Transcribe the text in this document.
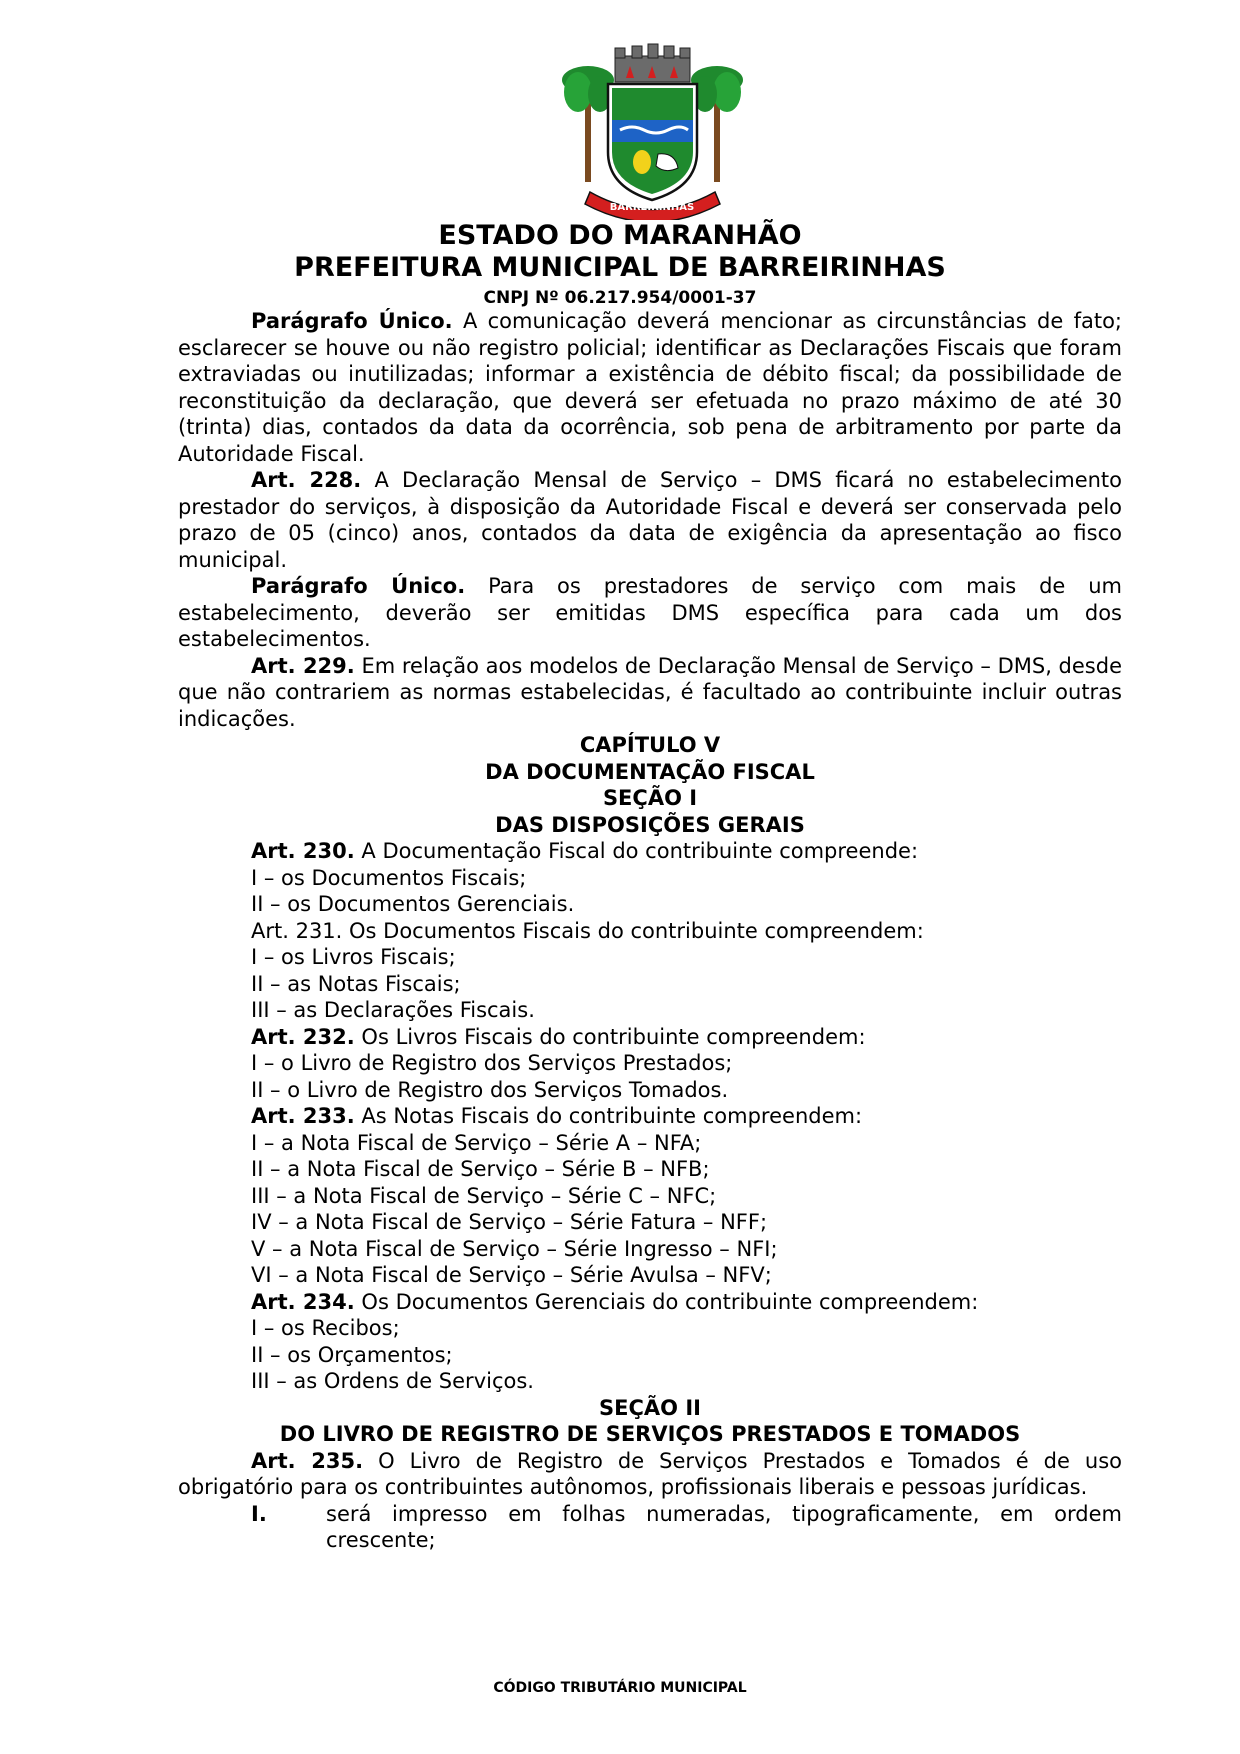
BARREIRINHAS
ESTADO DO MARANHÃO
PREFEITURA MUNICIPAL DE BARREIRINHAS
CNPJ Nº 06.217.954/0001-37

Parágrafo Único. A comunicação deverá mencionar as circunstâncias de fato; esclarecer se houve ou não registro policial; identificar as Declarações Fiscais que foram extraviadas ou inutilizadas; informar a existência de débito fiscal; da possibilidade de reconstituição da declaração, que deverá ser efetuada no prazo máximo de até 30 (trinta) dias, contados da data da ocorrência, sob pena de arbitramento por parte da Autoridade Fiscal.

Art. 228. A Declaração Mensal de Serviço – DMS ficará no estabelecimento prestador do serviços, à disposição da Autoridade Fiscal e deverá ser conservada pelo prazo de 05 (cinco) anos, contados da data de exigência da apresentação ao fisco municipal.

Parágrafo Único. Para os prestadores de serviço com mais de um estabelecimento, deverão ser emitidas DMS específica para cada um dos estabelecimentos.

Art. 229. Em relação aos modelos de Declaração Mensal de Serviço – DMS, desde que não contrariem as normas estabelecidas, é facultado ao contribuinte incluir outras indicações.

CAPÍTULO V

DA DOCUMENTAÇÃO FISCAL

SEÇÃO I

DAS DISPOSIÇÕES GERAIS

Art. 230. A Documentação Fiscal do contribuinte compreende:

I – os Documentos Fiscais;

II – os Documentos Gerenciais.

Art. 231. Os Documentos Fiscais do contribuinte compreendem:

I – os Livros Fiscais;

II – as Notas Fiscais;

III – as Declarações Fiscais.

Art. 232. Os Livros Fiscais do contribuinte compreendem:

I – o Livro de Registro dos Serviços Prestados;

II – o Livro de Registro dos Serviços Tomados.

Art. 233. As Notas Fiscais do contribuinte compreendem:

I – a Nota Fiscal de Serviço – Série A – NFA;

II – a Nota Fiscal de Serviço – Série B – NFB;

III – a Nota Fiscal de Serviço – Série C – NFC;

IV – a Nota Fiscal de Serviço – Série Fatura – NFF;

V – a Nota Fiscal de Serviço – Série Ingresso – NFI;

VI – a Nota Fiscal de Serviço – Série Avulsa – NFV;

Art. 234. Os Documentos Gerenciais do contribuinte compreendem:

I – os Recibos;

II – os Orçamentos;

III – as Ordens de Serviços.

SEÇÃO II

DO LIVRO DE REGISTRO DE SERVIÇOS PRESTADOS E TOMADOS

Art. 235. O Livro de Registro de Serviços Prestados e Tomados é de uso obrigatório para os contribuintes autônomos, profissionais liberais e pessoas jurídicas.

I.	será impresso em folhas numeradas, tipograficamente, em ordem crescente;
CÓDIGO TRIBUTÁRIO MUNICIPAL
